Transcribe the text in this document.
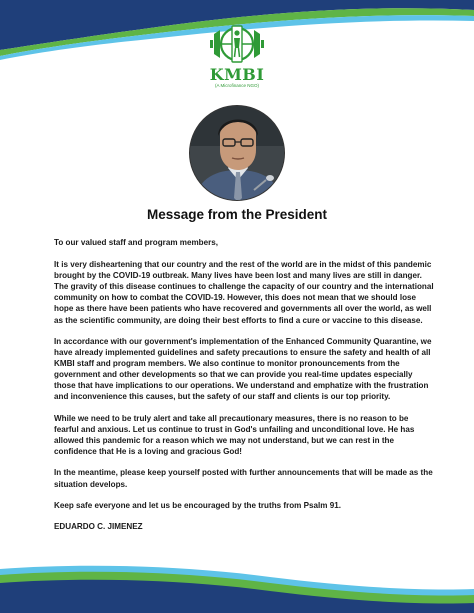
KMBI
(A Microfinance NGO)
Message from the President

To our valued staff and program members,

It is very disheartening that our country and the rest of the world are in the midst of this pandemic brought by the COVID-19 outbreak. Many lives have been lost and many lives are still in danger. The gravity of this disease continues to challenge the capacity of our country and the international community on how to combat the COVID-19. However, this does not mean that we should lose hope as there have been patients who have recovered and governments all over the world, as well as the scientific community, are doing their best efforts to find a cure or vaccine to this disease.

In accordance with our government's implementation of the Enhanced Community Quarantine, we have already implemented guidelines and safety precautions to ensure the safety and health of all KMBI staff and program members. We also continue to monitor pronouncements from the government and other developments so that we can provide you real-time updates especially those that have implications to our operations. We understand and emphatize with the frustration and inconvenience this causes, but the safety of our staff and clients is our top priority.

While we need to be truly alert and take all precautionary measures, there is no reason to be fearful and anxious. Let us continue to trust in God's unfailing and unconditional love. He has allowed this pandemic for a reason which we may not understand, but we can rest in the confidence that He is a loving and gracious God!

In the meantime, please keep yourself posted with further announcements that will be made as the situation develops.

Keep safe everyone and let us be encouraged by the truths from Psalm 91.

EDUARDO C. JIMENEZ
